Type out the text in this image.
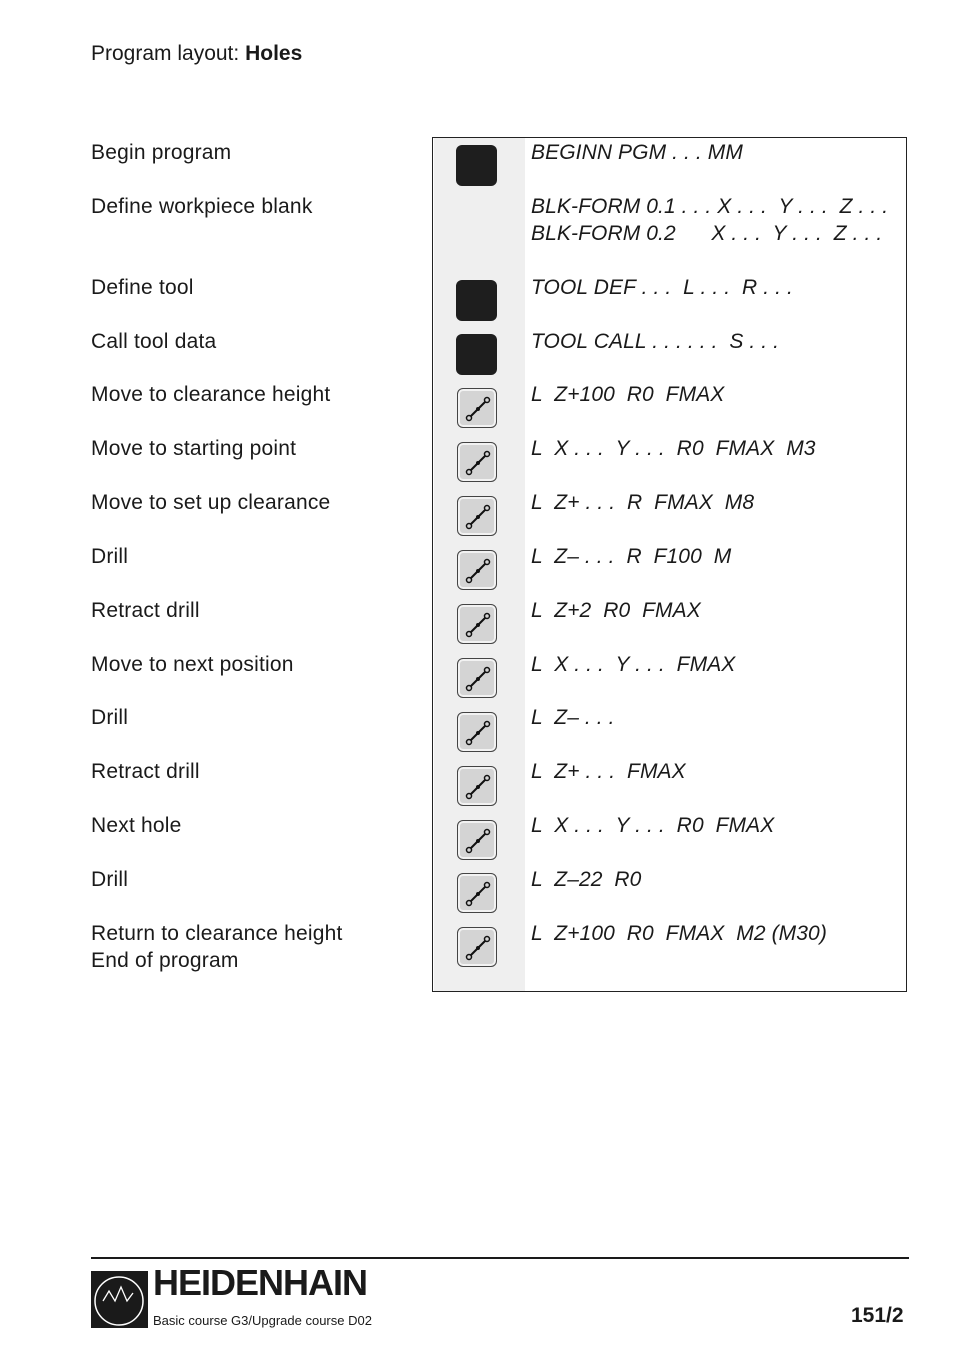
Program layout: Holes
Begin program
Define workpiece blank
Define tool
Call tool data
Move to clearance height
Move to starting point
Move to set up clearance
Drill
Retract drill
Move to next position
Drill
Retract drill
Next hole
Drill
Return to clearance height
End of program
BEGINN PGM . . . MM
BLK-FORM 0.1 . . . X . . .  Y . . .  Z . . .
BLK-FORM 0.2      X . . .  Y . . .  Z . . .
TOOL DEF . . .  L . . .  R . . .
TOOL CALL . . . . . .  S . . .
L  Z+100  R0  FMAX
L  X . . .  Y . . .  R0  FMAX  M3
L  Z+ . . .  R  FMAX  M8
L  Z– . . .  R  F100  M
L  Z+2  R0  FMAX
L  X . . .  Y . . .  FMAX
L  Z– . . .
L  Z+ . . .  FMAX
L  X . . .  Y . . .  R0  FMAX
L  Z–22  R0
L  Z+100  R0  FMAX  M2 (M30)
HEIDENHAIN
Basic course G3/Upgrade course D02	151/2
